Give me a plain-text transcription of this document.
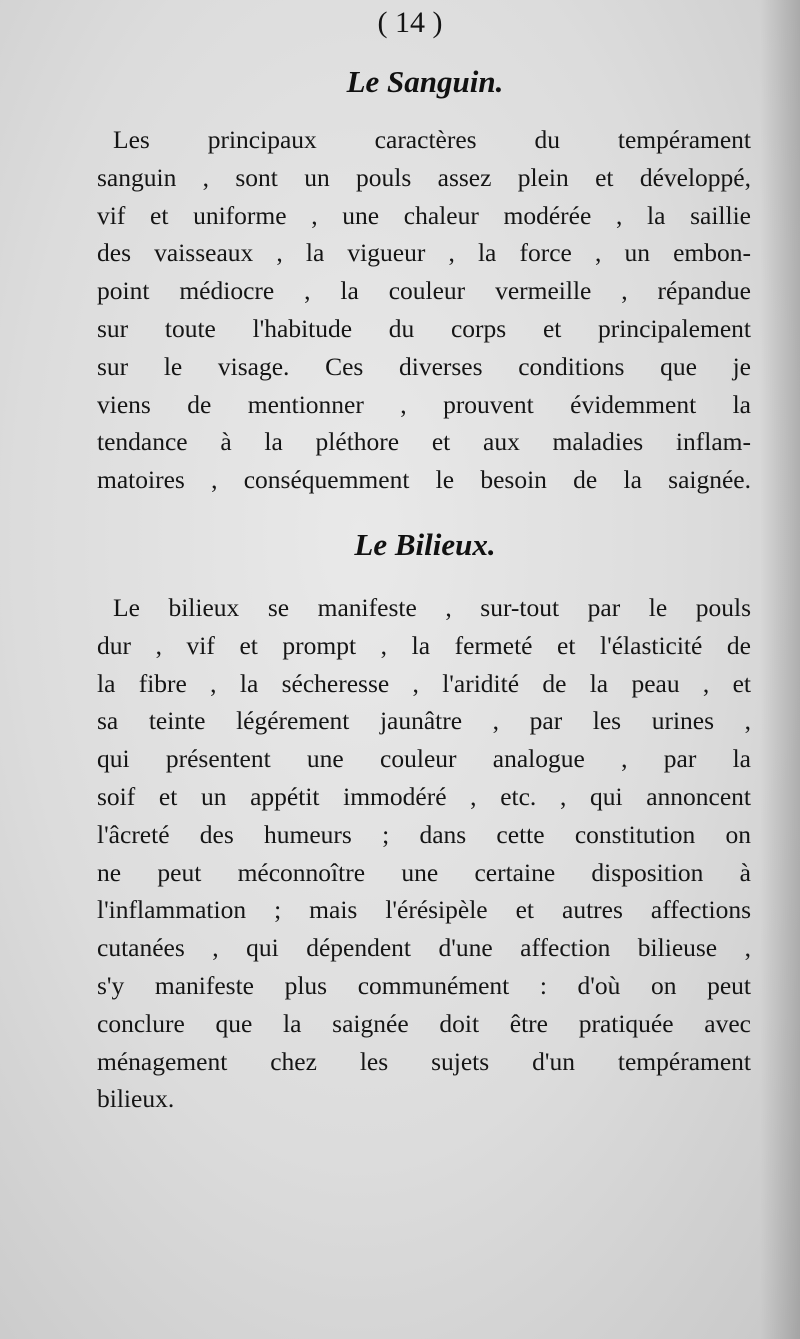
( 14 )
Le Sanguin.
Les principaux caractères du tempérament
sanguin , sont un pouls assez plein et développé,
vif et uniforme , une chaleur modérée , la saillie
des vaisseaux , la vigueur , la force , un embon-
point médiocre , la couleur vermeille , répandue
sur toute l'habitude du corps et principalement
sur le visage. Ces diverses conditions que je
viens de mentionner , prouvent évidemment la
tendance à la pléthore et aux maladies inflam-
matoires , conséquemment le besoin de la saignée.
Le Bilieux.
Le bilieux se manifeste , sur-tout par le pouls
dur , vif et prompt , la fermeté et l'élasticité de
la fibre , la sécheresse , l'aridité de la peau , et
sa teinte légérement jaunâtre , par les urines ,
qui présentent une couleur analogue , par la
soif et un appétit immodéré , etc. , qui annoncent
l'âcreté des humeurs ; dans cette constitution on
ne peut méconnoître une certaine disposition à
l'inflammation ; mais l'érésipèle et autres affections
cutanées , qui dépendent d'une affection bilieuse ,
s'y manifeste plus communément : d'où on peut
conclure que la saignée doit être pratiquée avec
ménagement chez les sujets d'un tempérament
bilieux.
